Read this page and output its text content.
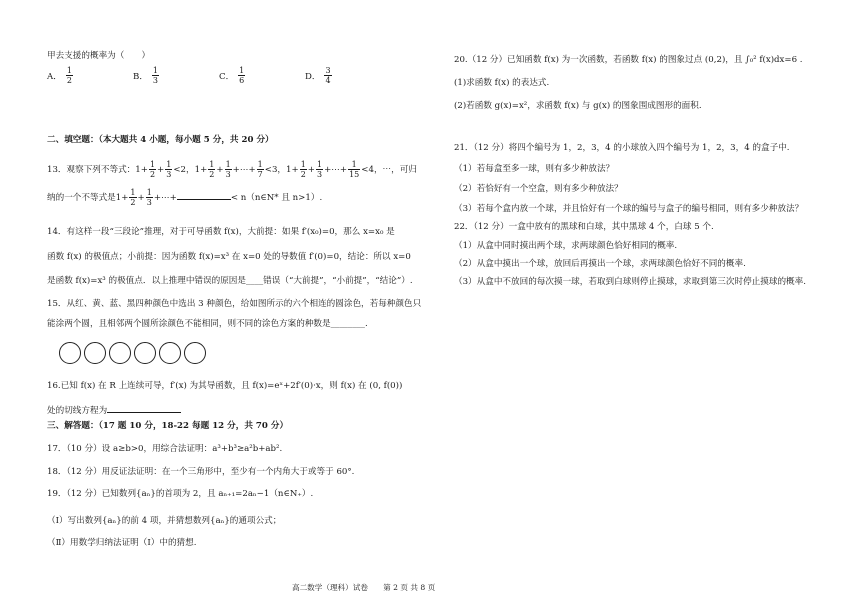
甲去支援的概率为（　　）
A． $\frac{1}{2}$	B． $\frac{1}{3}$	C． $\frac{1}{6}$	D． $\frac{3}{4}$
二、填空题：（本大题共 4 小题，每小题 5 分，共 20 分）
13．观察下列不等式：$1+ \frac{1}{2} + \frac{1}{3} <2$，$1+ \frac{1}{2} + \frac{1}{3}$ +⋯+ $\frac{1}{7} <3$，$1+ \frac{1}{2} + \frac{1}{3}$ +⋯+ $\frac{1}{15} <4$，⋯，可归
纳的一个不等式是$1+ \frac{1}{2} + \frac{1}{3}$ +⋯+	< n（n∈N* 且 n>1）.
14．有这样一段“三段论”推理，对于可导函数 f(x)，大前提：如果 f′(x₀)=0，那么 x=x₀ 是
函数 f(x) 的极值点；小前提：因为函数 f(x)=x³ 在 x=0 处的导数值 f′(0)=0，结论：所以 x=0
是函数 f(x)=x³ 的极值点．以上推理中错误的原因是____错误（“大前提”，“小前提”，“结论”）.
15．从红、黄、蓝、黑四种颜色中选出 3 种颜色，给如图所示的六个相连的圆涂色，若每种颜色只
能涂两个圆，且相邻两个圆所涂颜色不能相同，则不同的涂色方案的种数是________.
16.已知 f(x) 在 R 上连续可导，f′(x) 为其导函数，且 f(x)=eˣ+2f′(0)·x，则 f(x) 在 (0, f(0))
处的切线方程为
三、解答题：（17 题 10 分，18-22 每题 12 分，共 70 分）
17．（10 分）设 a≥b>0，用综合法证明：a³+b³≥a²b+ab².
18．（12 分）用反证法证明：在一个三角形中，至少有一个内角大于或等于 60°.
19．（12 分）已知数列{aₙ}的首项为 2，且 aₙ₊₁=2aₙ−1（n∈N₊）.
（Ⅰ）写出数列{aₙ}的前 4 项，并猜想数列{aₙ}的通项公式；
（Ⅱ）用数学归纳法证明（Ⅰ）中的猜想.
20.（12 分）已知函数 f(x) 为一次函数，若函数 f(x) 的图象过点 (0,2)，且 ∫₀² f(x)dx=6 .
(1)求函数 f(x) 的表达式.
(2)若函数 g(x)=x²，求函数 f(x) 与 g(x) 的图象围成图形的面积.
21．（12 分）将四个编号为 1，2，3，4 的小球放入四个编号为 1，2，3，4 的盒子中.
（1）若每盒至多一球，则有多少种放法？
（2）若恰好有一个空盒，则有多少种放法？
（3）若每个盒内放一个球，并且恰好有一个球的编号与盒子的编号相同，则有多少种放法？
22．（12 分）一盒中放有的黑球和白球，其中黑球 4 个，白球 5 个.
（1）从盒中同时摸出两个球，求两球颜色恰好相同的概率.
（2）从盒中摸出一个球，放回后再摸出一个球，求两球颜色恰好不同的概率.
（3）从盒中不放回的每次摸一球，若取到白球则停止摸球，求取到第三次时停止摸球的概率.
高二数学（理科）试卷　　第 2 页 共 8 页
